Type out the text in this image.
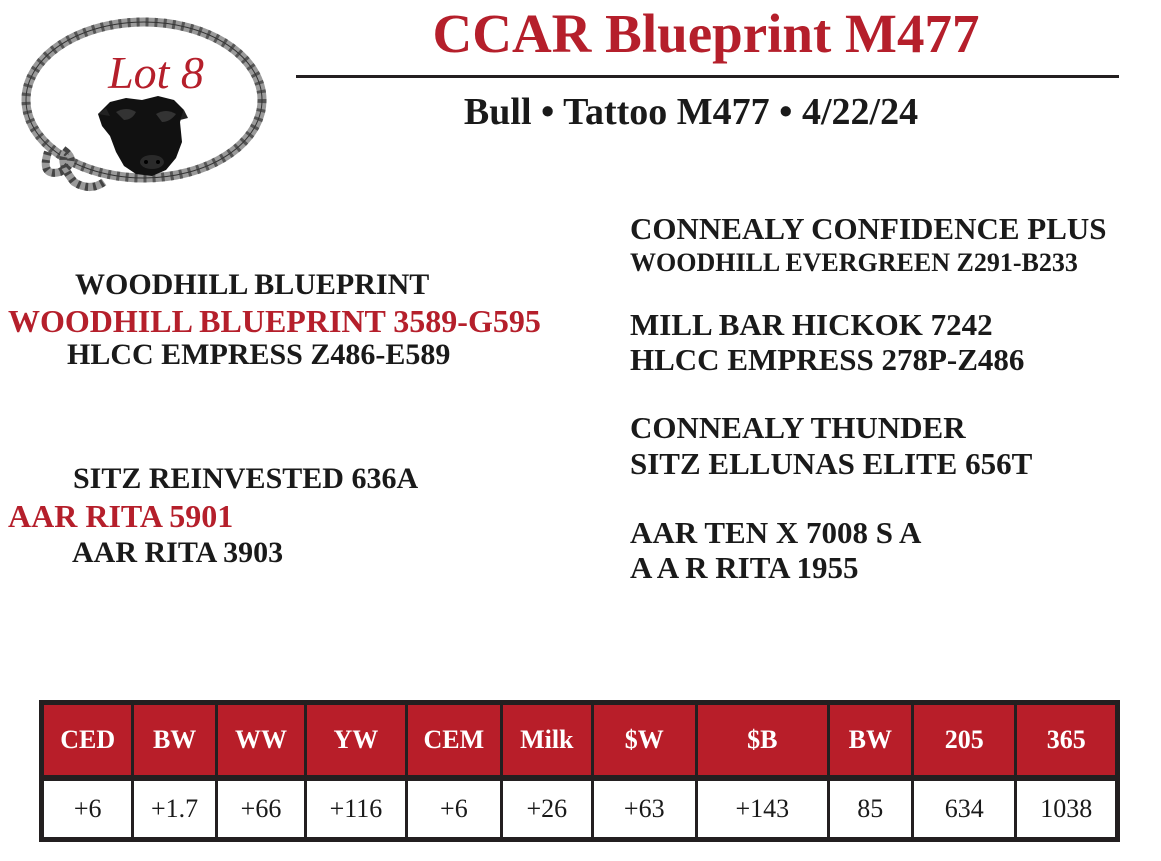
Lot 8
CCAR Blueprint M477
Bull • Tattoo M477 • 4/22/24
WOODHILL BLUEPRINT
WOODHILL BLUEPRINT 3589-G595
HLCC EMPRESS Z486-E589
SITZ REINVESTED 636A
AAR RITA 5901
AAR RITA 3903
CONNEALY CONFIDENCE PLUS
WOODHILL EVERGREEN Z291-B233
MILL BAR HICKOK 7242
HLCC EMPRESS 278P-Z486
CONNEALY THUNDER
SITZ ELLUNAS ELITE 656T
AAR TEN X 7008 S A
A A R RITA 1955
CED	BW	WW	YW	CEM	Milk	$W	$B	BW	205	365
+6	+1.7	+66	+116	+6	+26	+63	+143	85	634	1038
